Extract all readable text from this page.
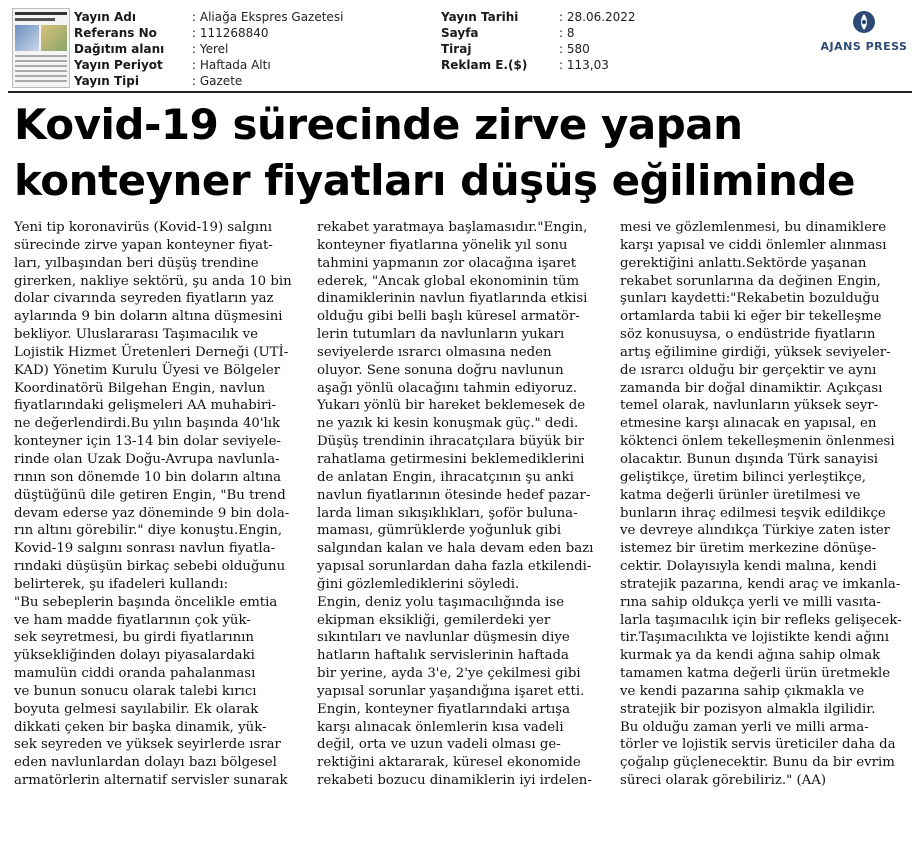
Yayın Adı	: Aliağa Ekspres Gazetesi
Referans No	: 111268840
Dağıtım alanı	: Yerel
Yayın Periyot	: Haftada Altı
Yayın Tipi	: Gazete
Yayın Tarihi	: 28.06.2022
Sayfa	: 8
Tiraj	: 580
Reklam E.($)	: 113,03
AJANS PRESS
Kovid-19 sürecinde zirve yapan
konteyner fiyatları düşüş eğiliminde

Yeni tip koronavirüs (Kovid-19) salgını
sürecinde zirve yapan konteyner fiyat-
ları, yılbaşından beri düşüş trendine
girerken, nakliye sektörü, şu anda 10 bin
dolar civarında seyreden fiyatların yaz
aylarında 9 bin doların altına düşmesini
bekliyor. Uluslararası Taşımacılık ve
Lojistik Hizmet Üretenleri Derneği (UTİ-
KAD) Yönetim Kurulu Üyesi ve Bölgeler
Koordinatörü Bilgehan Engin, navlun
fiyatlarındaki gelişmeleri AA muhabiri-
ne değerlendirdi.Bu yılın başında 40'lık
konteyner için 13-14 bin dolar seviyele-
rinde olan Uzak Doğu-Avrupa navlunla-
rının son dönemde 10 bin doların altına
düştüğünü dile getiren Engin, "Bu trend
devam ederse yaz döneminde 9 bin dola-
rın altını görebilir." diye konuştu.Engin,
Kovid-19 salgını sonrası navlun fiyatla-
rındaki düşüşün birkaç sebebi olduğunu
belirterek, şu ifadeleri kullandı:
"Bu sebeplerin başında öncelikle emtia
ve ham madde fiyatlarının çok yük-
sek seyretmesi, bu girdi fiyatlarının
yüksekliğinden dolayı piyasalardaki
mamulün ciddi oranda pahalanması
ve bunun sonucu olarak talebi kırıcı
boyuta gelmesi sayılabilir. Ek olarak
dikkati çeken bir başka dinamik, yük-
sek seyreden ve yüksek seyirlerde ısrar
eden navlunlardan dolayı bazı bölgesel
armatörlerin alternatif servisler sunarak

rekabet yaratmaya başlamasıdır."Engin,
konteyner fiyatlarına yönelik yıl sonu
tahmini yapmanın zor olacağına işaret
ederek, "Ancak global ekonominin tüm
dinamiklerinin navlun fiyatlarında etkisi
olduğu gibi belli başlı küresel armatör-
lerin tutumları da navlunların yukarı
seviyelerde ısrarcı olmasına neden
oluyor. Sene sonuna doğru navlunun
aşağı yönlü olacağını tahmin ediyoruz.
Yukarı yönlü bir hareket beklemesek de
ne yazık ki kesin konuşmak güç." dedi.
Düşüş trendinin ihracatçılara büyük bir
rahatlama getirmesini beklemediklerini
de anlatan Engin, ihracatçının şu anki
navlun fiyatlarının ötesinde hedef pazar-
larda liman sıkışıklıkları, şoför buluna-
maması, gümrüklerde yoğunluk gibi
salgından kalan ve hala devam eden bazı
yapısal sorunlardan daha fazla etkilendi-
ğini gözlemlediklerini söyledi.
Engin, deniz yolu taşımacılığında ise
ekipman eksikliği, gemilerdeki yer
sıkıntıları ve navlunlar düşmesin diye
hatların haftalık servislerinin haftada
bir yerine, ayda 3'e, 2'ye çekilmesi gibi
yapısal sorunlar yaşandığına işaret etti.
Engin, konteyner fiyatlarındaki artışa
karşı alınacak önlemlerin kısa vadeli
değil, orta ve uzun vadeli olması ge-
rektiğini aktararak, küresel ekonomide
rekabeti bozucu dinamiklerin iyi irdelen-

mesi ve gözlemlenmesi, bu dinamiklere
karşı yapısal ve ciddi önlemler alınması
gerektiğini anlattı.Sektörde yaşanan
rekabet sorunlarına da değinen Engin,
şunları kaydetti:"Rekabetin bozulduğu
ortamlarda tabii ki eğer bir tekelleşme
söz konusuysa, o endüstride fiyatların
artış eğilimine girdiği, yüksek seviyeler-
de ısrarcı olduğu bir gerçektir ve aynı
zamanda bir doğal dinamiktir. Açıkçası
temel olarak, navlunların yüksek seyr-
etmesine karşı alınacak en yapısal, en
köktenci önlem tekelleşmenin önlenmesi
olacaktır. Bunun dışında Türk sanayisi
geliştikçe, üretim bilinci yerleştikçe,
katma değerli ürünler üretilmesi ve
bunların ihraç edilmesi teşvik edildikçe
ve devreye alındıkça Türkiye zaten ister
istemez bir üretim merkezine dönüşe-
cektir. Dolayısıyla kendi malına, kendi
stratejik pazarına, kendi araç ve imkanla-
rına sahip oldukça yerli ve milli vasıta-
larla taşımacılık için bir refleks gelişecek-
tir.Taşımacılıkta ve lojistikte kendi ağını
kurmak ya da kendi ağına sahip olmak
tamamen katma değerli ürün üretmekle
ve kendi pazarına sahip çıkmakla ve
stratejik bir pozisyon almakla ilgilidir.
Bu olduğu zaman yerli ve milli arma-
törler ve lojistik servis üreticiler daha da
çoğalıp güçlenecektir. Bunu da bir evrim
süreci olarak görebiliriz." (AA)
